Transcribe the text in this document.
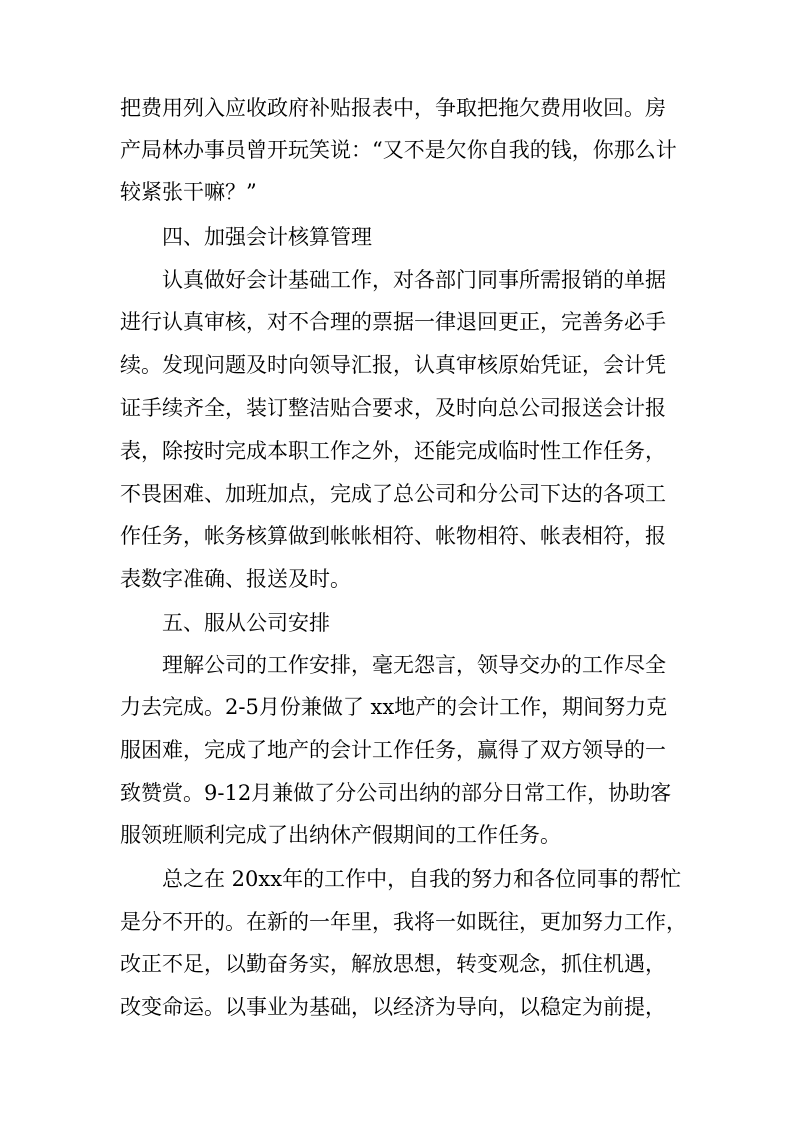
把费用列入应收政府补贴报表中，争取把拖欠费用收回。房
产局林办事员曾开玩笑说：“又不是欠你自我的钱，你那么计
较紧张干嘛？”
四、加强会计核算管理
认真做好会计基础工作，对各部门同事所需报销的单据
进行认真审核，对不合理的票据一律退回更正，完善务必手
续。发现问题及时向领导汇报，认真审核原始凭证，会计凭
证手续齐全，装订整洁贴合要求，及时向总公司报送会计报
表，除按时完成本职工作之外，还能完成临时性工作任务，
不畏困难、加班加点，完成了总公司和分公司下达的各项工
作任务，帐务核算做到帐帐相符、帐物相符、帐表相符，报
表数字准确、报送及时。
五、服从公司安排
理解公司的工作安排，毫无怨言，领导交办的工作尽全
力去完成。2-5月份兼做了 xx地产的会计工作，期间努力克
服困难，完成了地产的会计工作任务，赢得了双方领导的一
致赞赏。9-12月兼做了分公司出纳的部分日常工作，协助客
服领班顺利完成了出纳休产假期间的工作任务。
总之在 20xx年的工作中，自我的努力和各位同事的帮忙
是分不开的。在新的一年里，我将一如既往，更加努力工作，
改正不足，以勤奋务实，解放思想，转变观念，抓住机遇，
改变命运。以事业为基础，以经济为导向，以稳定为前提，
